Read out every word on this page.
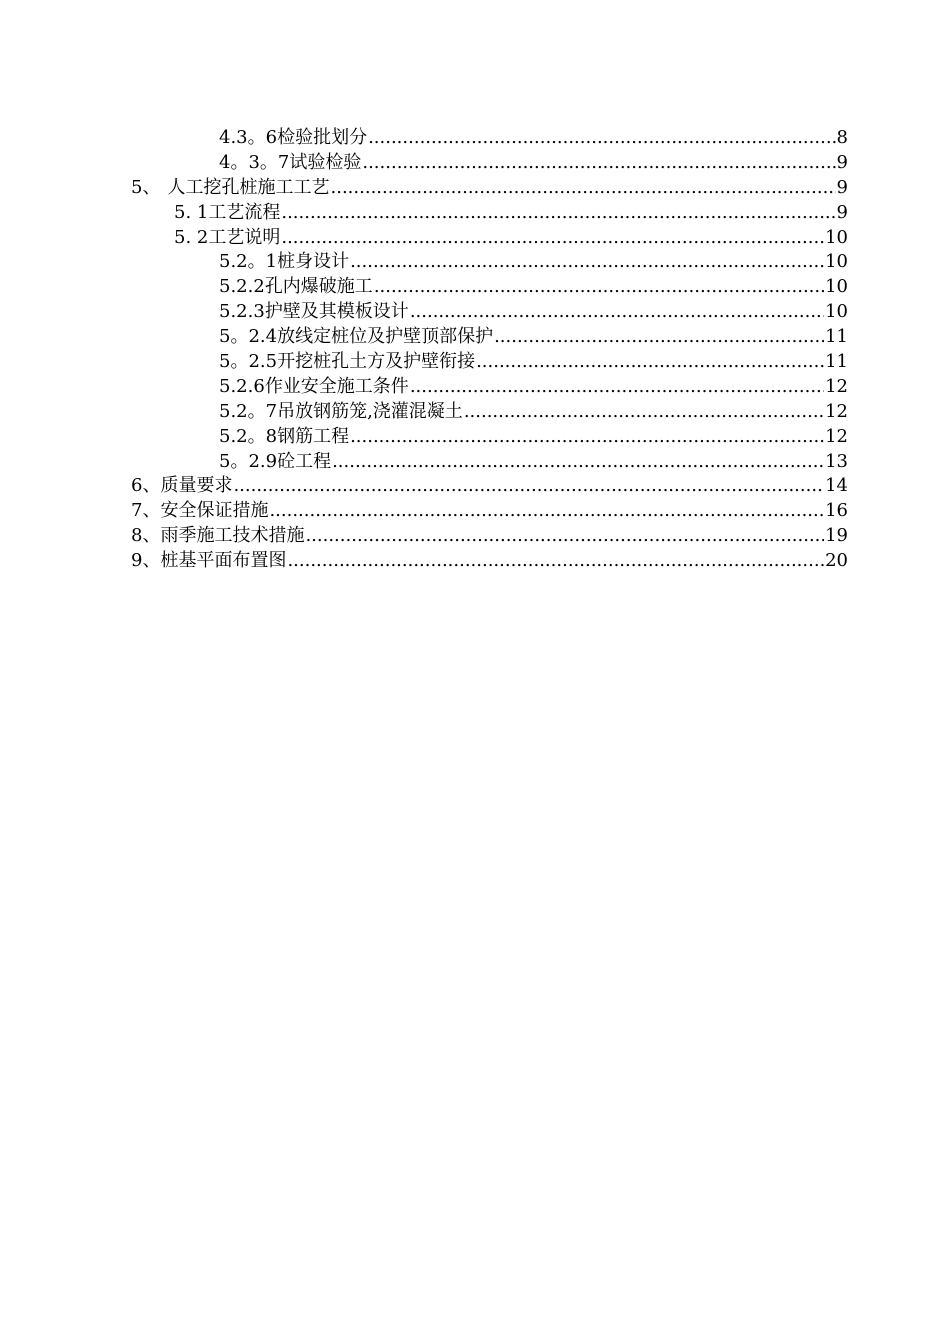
4.3。6 检验批划分 .....	8
4。3。7 试验检验 .....	9
5、 人工挖孔桩施工工艺 .....	9
5. 1 工艺流程 .....	9
5. 2 工艺说明 .....	10
5.2。1 桩身设计 .....	10
5.2.2 孔内爆破施工 .....	10
5.2.3 护壁及其模板设计 .....	10
5。2.4 放线定桩位及护壁顶部保护 .....	11
5。2.5 开挖桩孔土方及护壁衔接 .....	11
5.2.6 作业安全施工条件 .....	12
5.2。7 吊放钢筋笼,浇灌混凝土 .....	12
5.2。8 钢筋工程 .....	12
5。2.9 砼工程 .....	13
6、 质量要求 .....	14
7、 安全保证措施 .....	16
8、 雨季施工技术措施 .....	19
9、 桩基平面布置图 .....	20
